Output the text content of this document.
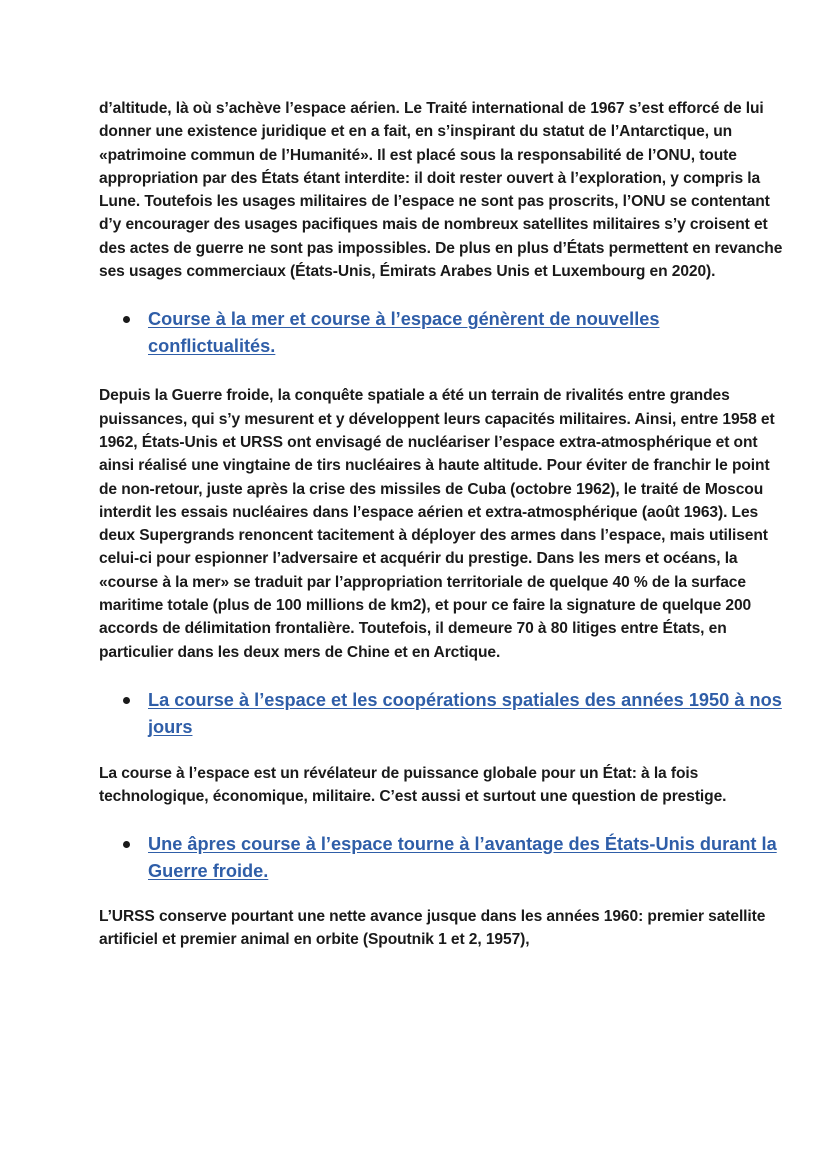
d’altitude, là où s’achève l’espace aérien. Le Traité international de 1967 s’est efforcé de lui donner une existence juridique et en a fait, en s’inspirant du statut de l’Antarctique, un «patrimoine commun de l’Humanité». Il est placé sous la responsabilité de l’ONU, toute appropriation par des États étant interdite: il doit rester ouvert à l’exploration, y compris la Lune. Toutefois les usages militaires de l’espace ne sont pas proscrits, l’ONU se contentant d’y encourager des usages pacifiques mais de nombreux satellites militaires s’y croisent et des actes de guerre ne sont pas impossibles. De plus en plus d’États permettent en revanche ses usages commerciaux (États-Unis, Émirats Arabes Unis et Luxembourg en 2020).

Course à la mer et course à l’espace génèrent de nouvelles conflictualités.

Depuis la Guerre froide, la conquête spatiale a été un terrain de rivalités entre grandes puissances, qui s’y mesurent et y développent leurs capacités militaires. Ainsi, entre 1958 et 1962, États-Unis et URSS ont envisagé de nucléariser l’espace extra-atmosphérique et ont ainsi réalisé une vingtaine de tirs nucléaires à haute altitude. Pour éviter de franchir le point de non-retour, juste après la crise des missiles de Cuba (octobre 1962), le traité de Moscou interdit les essais nucléaires dans l’espace aérien et extra-atmosphérique (août 1963). Les deux Supergrands renoncent tacitement à déployer des armes dans l’espace, mais utilisent celui-ci pour espionner l’adversaire et acquérir du prestige. Dans les mers et océans, la «course à la mer» se traduit par l’appropriation territoriale de quelque 40 % de la surface maritime totale (plus de 100 millions de km2), et pour ce faire la signature de quelque 200 accords de délimitation frontalière. Toutefois, il demeure 70 à 80 litiges entre États, en particulier dans les deux mers de Chine et en Arctique.

La course à l’espace et les coopérations spatiales des années 1950 à nos jours

La course à l’espace est un révélateur de puissance globale pour un État: à la fois technologique, économique, militaire. C’est aussi et surtout une question de prestige.

Une âpres course à l’espace tourne à l’avantage des États-Unis durant la Guerre froide.

L’URSS conserve pourtant une nette avance jusque dans les années 1960: premier satellite artificiel et premier animal en orbite (Spoutnik 1 et 2, 1957),
